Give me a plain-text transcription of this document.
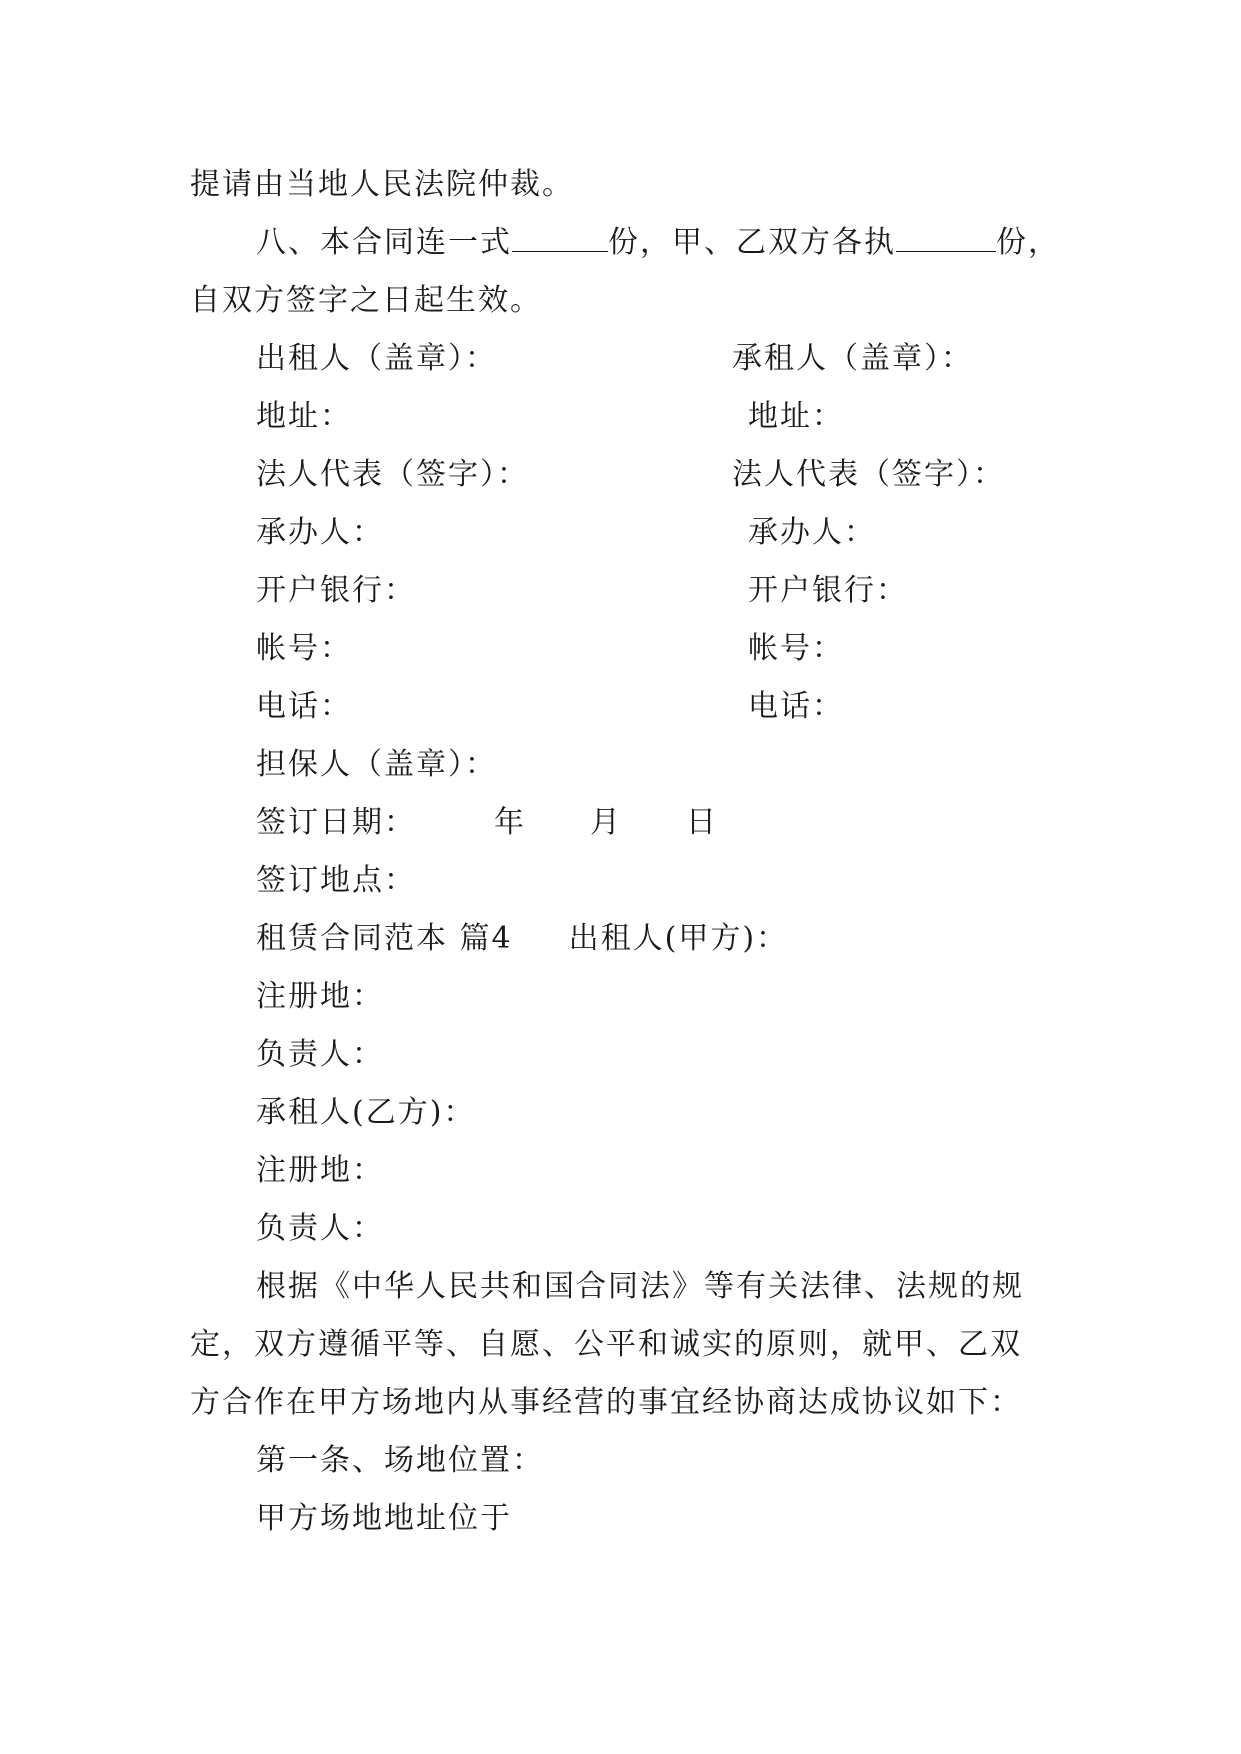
提请由当地人民法院仲裁。
八、本合同连一式	份，甲、乙双方各执	份，
自双方签字之日起生效。
出租人（盖章）：	承租人（盖章）：
地址：	地址：
法人代表（签字）：	法人代表（签字）：
承办人：	承办人：
开户银行：	开户银行：
帐号：	帐号：
电话：	电话：
担保人（盖章）：
签订日期：	年 月 日
签订地点：
租赁合同范本 篇4 出租人(甲方)：
注册地：
负责人：
承租人(乙方)：
注册地：
负责人：
根据《中华人民共和国合同法》等有关法律、法规的规
定，双方遵循平等、自愿、公平和诚实的原则，就甲、乙双
方合作在甲方场地内从事经营的事宜经协商达成协议如下：
第一条、场地位置：
甲方场地地址位于
